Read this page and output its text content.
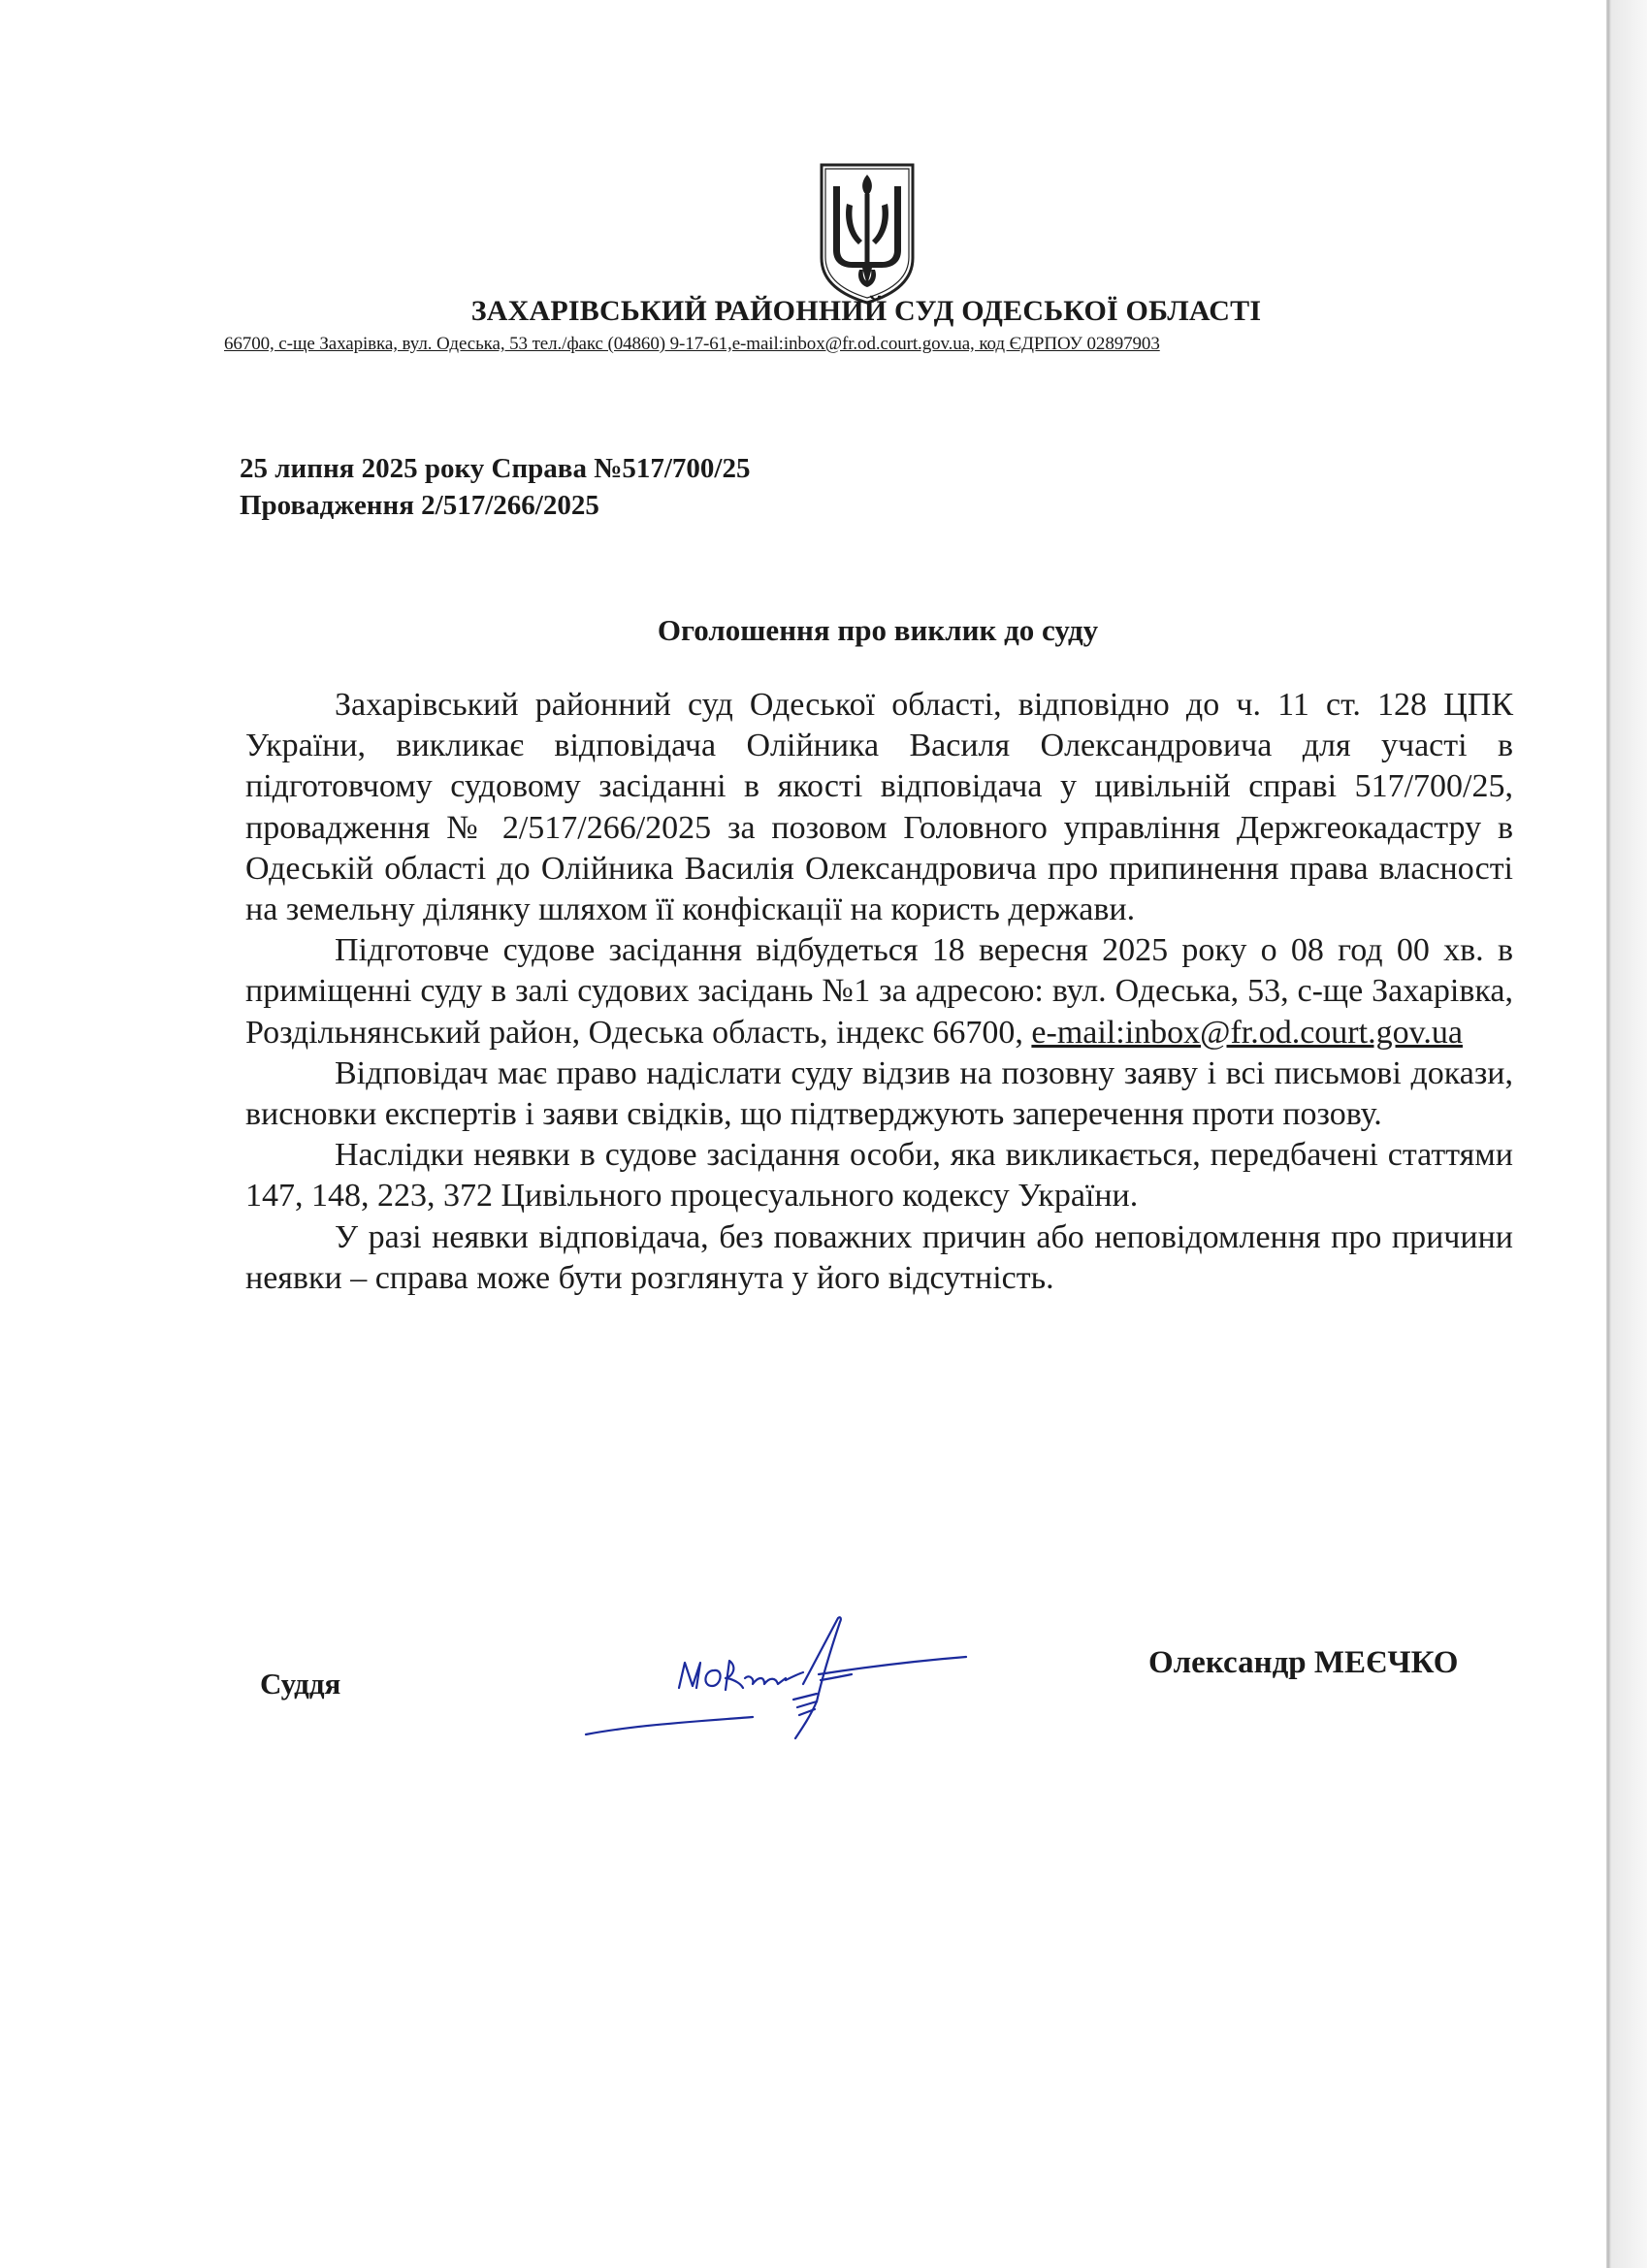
ЗАХАРІВСЬКИЙ РАЙОННИЙ СУД ОДЕСЬКОЇ ОБЛАСТІ
66700, с-ще Захарівка, вул. Одеська, 53 тел./факс (04860) 9-17-61,e-mail:inbox@fr.od.court.gov.ua, код ЄДРПОУ 02897903
25 липня 2025 року Справа №517/700/25
Провадження 2/517/266/2025
Оголошення про виклик до суду

Захарівський районний суд Одеської області, відповідно до ч. 11 ст. 128 ЦПК України, викликає відповідача Олійника Василя Олександровича для участі в підготовчому судовому засіданні в якості відповідача у цивільній справі 517/700/25, провадження № 2/517/266/2025 за позовом Головного управління Держгеокадастру в Одеській області до Олійника Василія Олександровича про припинення права власності на земельну ділянку шляхом її конфіскації на користь держави.

Підготовче судове засідання відбудеться 18 вересня 2025 року о 08 год 00 хв. в приміщенні суду в залі судових засідань №1 за адресою: вул. Одеська, 53, с-ще Захарівка, Роздільнянський район, Одеська область, індекс 66700, e-mail:inbox@fr.od.court.gov.ua

Відповідач має право надіслати суду відзив на позовну заяву і всі письмові докази, висновки експертів і заяви свідків, що підтверджують заперечення проти позову.

Наслідки неявки в судове засідання особи, яка викликається, передбачені статтями 147, 148, 223, 372 Цивільного процесуального кодексу України.

У разі неявки відповідача, без поважних причин або неповідомлення про причини неявки – справа може бути розглянута у його відсутність.

Суддя
Олександр МЕЄЧКО
